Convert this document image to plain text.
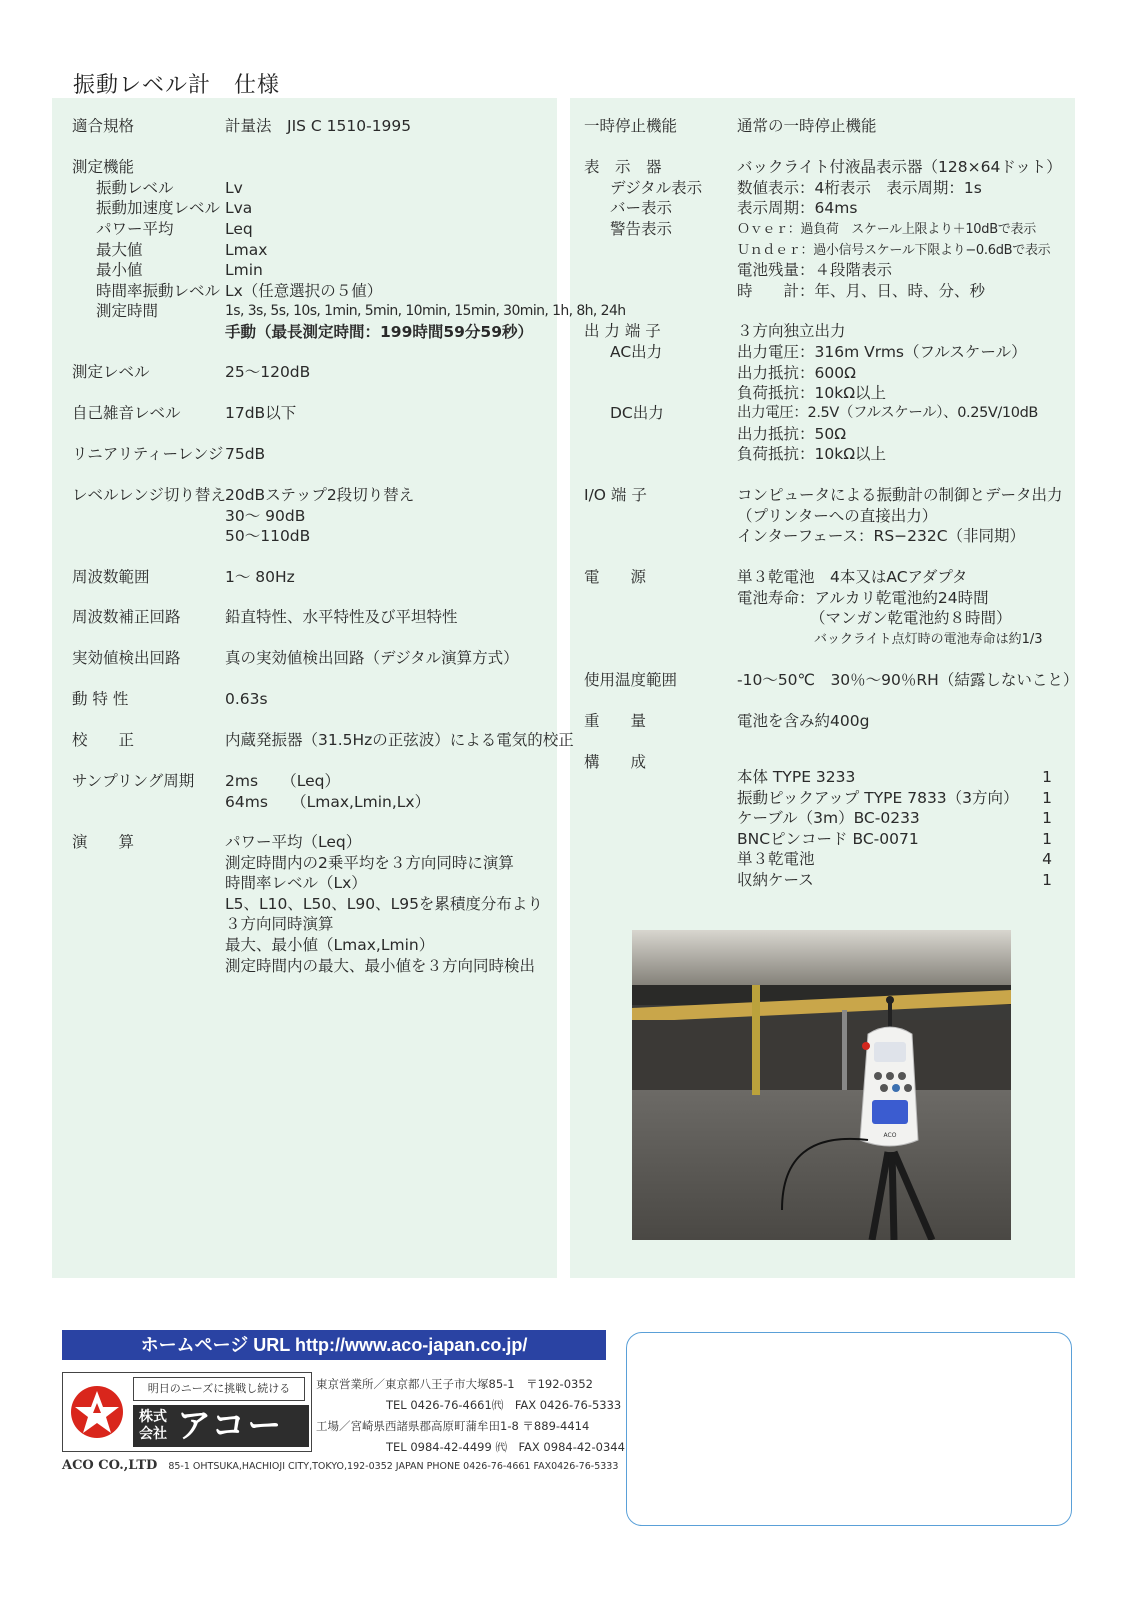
振動レベル計　仕様
適合規格	計量法　JIS C 1510-1995
測定機能
振動レベル	Lv
振動加速度レベル Lva
パワー平均	Leq
最大値	Lmax
最小値	Lmin
時間率振動レベル Lx（任意選択の５値）
測定時間	1s, 3s, 5s, 10s, 1min, 5min, 10min, 15min, 30min, 1h, 8h, 24h
手動（最長測定時間：199時間59分59秒）
測定レベル	25〜120dB
自己雑音レベル	17dB以下
リニアリティーレンジ 75dB
レベルレンジ切り替え 20dBステップ2段切り替え
30〜 90dB
50〜110dB
周波数範囲	1〜 80Hz
周波数補正回路	鉛直特性、水平特性及び平坦特性
実効値検出回路	真の実効値検出回路（デジタル演算方式）
動 特 性	0.63s
校　　正	内蔵発振器（31.5Hzの正弦波）による電気的校正
サンプリング周期 2ms　　（Leq）
64ms　　（Lmax,Lmin,Lx）
演　　算	パワー平均（Leq）
測定時間内の2乗平均を３方向同時に演算
時間率レベル（Lx）
L5、L10、L50、L90、L95を累積度分布より
３方向同時演算
最大、最小値（Lmax,Lmin）
測定時間内の最大、最小値を３方向同時検出
一時停止機能	通常の一時停止機能
表　示　器	バックライト付液晶表示器（128×64ドット）
デジタル表示 数値表示：4桁表示　表示周期：1s
バー表示	表示周期：64ms
警告表示	Ｏｖｅｒ：過負荷　スケール上限より＋10dBで表示
Ｕｎｄｅｒ：過小信号スケール下限より−0.6dBで表示
電池残量：４段階表示
時　　計：年、月、日、時、分、秒
出 力 端 子	３方向独立出力
AC出力	出力電圧：316m Vrms（フルスケール）
出力抵抗：600Ω
負荷抵抗：10kΩ以上
DC出力	出力電圧：2.5V（フルスケール）、0.25V/10dB
出力抵抗：50Ω
負荷抵抗：10kΩ以上
I/O 端 子	コンピュータによる振動計の制御とデータ出力
（プリンターへの直接出力）
インターフェース：RS−232C（非同期）
電　　源	単３乾電池　4本又はACアダプタ
電池寿命：アルカリ乾電池約24時間
（マンガン乾電池約８時間）
バックライト点灯時の電池寿命は約1/3
使用温度範囲	-10〜50℃　30％〜90％RH（結露しないこと）
重　　量	電池を含み約400g
構　　成
本体 TYPE 3233	1
振動ピックアップ TYPE 7833（3方向）	1
ケーブル（3m）BC-0233	1
BNCピンコード BC-0071	1
単３乾電池	4
収納ケース	1
ACO
ホームページ URL http://www.aco-japan.co.jp/
明日のニーズに挑戦し続ける
株式会社 アコー
東京営業所／東京都八王子市大塚85-1　〒192-0352
TEL 0426-76-4661㈹　FAX 0426-76-5333
工場／宮崎県西諸県郡高原町蒲牟田1-8 〒889-4414
TEL 0984-42-4499 ㈹　FAX 0984-42-0344
ACO CO.,LTD 85-1 OHTSUKA,HACHIOJI CITY,TOKYO,192-0352 JAPAN PHONE 0426-76-4661 FAX0426-76-5333
